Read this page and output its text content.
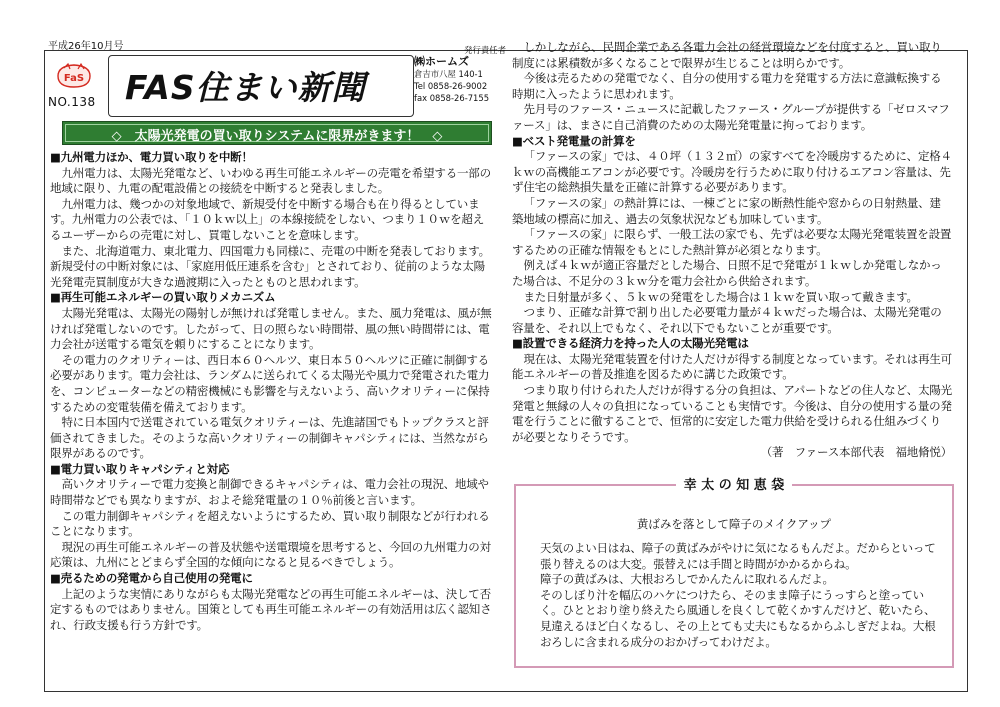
平成26年10月号
FaS
NO.138 FAS住まい新聞
発行責任者
㈱ホームズ
倉吉市八屋 140-1
Tel 0858-26-9002
fax 0858-26-7155
◇　太陽光発電の買い取りシステムに限界がきます！　◇
■九州電力ほか、電力買い取りを中断！

九州電力は、太陽光発電など、いわゆる再生可能エネルギーの売電を希望する一部の地域に限り、九電の配電設備との接続を中断すると発表しました。

九州電力は、幾つかの対象地域で、新規受付を中断する場合も在り得るとしています。九州電力の公表では、「１０ｋｗ以上」の本線接続をしない、つまり１０ｗを超えるユーザーからの売電に対し、買電しないことを意味します。

また、北海道電力、東北電力、四国電力も同様に、売電の中断を発表しております。新規受付の中断対象には、「家庭用低圧連系を含む」とされており、従前のような太陽光発電売買制度が大きな過渡期に入ったとものと思われます。

■再生可能エネルギーの買い取りメカニズム

太陽光発電は、太陽光の陽射しが無ければ発電しません。また、風力発電は、風が無ければ発電しないのです。したがって、日の照らない時間帯、風の無い時間帯には、電力会社が送電する電気を頼りにすることになります。

その電力のクオリティーは、西日本６０ヘルツ、東日本５０ヘルツに正確に制御する必要があります。電力会社は、ランダムに送られてくる太陽光や風力で発電された電力を、コンピューターなどの精密機械にも影響を与えないよう、高いクオリティーに保持するための変電装備を備えております。

特に日本国内で送電されている電気クオリティーは、先進諸国でもトップクラスと評価されてきました。そのような高いクオリティーの制御キャパシティには、当然ながら限界があるのです。

■電力買い取りキャパシティと対応

高いクオリティーで電力変換と制御できるキャパシティは、電力会社の現況、地域や時間帯などでも異なりますが、およそ総発電量の１０％前後と言います。

この電力制御キャパシティを超えないようにするため、買い取り制限などが行われることになります。

現況の再生可能エネルギーの普及状態や送電環境を思考すると、今回の九州電力の対応策は、九州にとどまらず全国的な傾向になると見るべきでしょう。

■売るための発電から自己使用の発電に

上記のような実情にありながらも太陽光発電などの再生可能エネルギーは、決して否定するものではありません。国策としても再生可能エネルギーの有効活用は広く認知され、行政支援も行う方針です。

しかしながら、民間企業である各電力会社の経営環境などを付度すると、買い取り制度には累積数が多くなることで限界が生じることは明らかです。

今後は売るための発電でなく、自分の使用する電力を発電する方法に意識転換する時期に入ったように思われます。

先月号のファース・ニュースに記載したファース・グループが提供する「ゼロスマファース」は、まさに自己消費のための太陽光発電量に拘っております。

■ベスト発電量の計算を

「ファースの家」では、４０坪（１３２㎡）の家すべてを冷暖房するために、定格４ｋｗの高機能エアコンが必要です。冷暖房を行うために取り付けるエアコン容量は、先ず住宅の総熱損失量を正確に計算する必要があります。

「ファースの家」の熱計算には、一棟ごとに家の断熱性能や窓からの日射熱量、建築地域の標高に加え、過去の気象状況なども加味しています。

「ファースの家」に限らず、一般工法の家でも、先ずは必要な太陽光発電装置を設置するための正確な情報をもとにした熱計算が必須となります。

例えば４ｋｗが適正容量だとした場合、日照不足で発電が１ｋｗしか発電しなかった場合は、不足分の３ｋｗ分を電力会社から供給されます。

また日射量が多く、５ｋｗの発電をした場合は１ｋｗを買い取って戴きます。

つまり、正確な計算で割り出した必要電力量が４ｋｗだった場合は、太陽光発電の容量を、それ以上でもなく、それ以下でもないことが重要です。

■設置できる経済力を持った人の太陽光発電は

現在は、太陽光発電装置を付けた人だけが得する制度となっています。それは再生可能エネルギーの普及推進を図るために講じた政策です。

つまり取り付けられた人だけが得する分の負担は、アパートなどの住人など、太陽光発電と無縁の人々の負担になっていることも実情です。今後は、自分の使用する量の発電を行うことに徹することで、恒常的に安定した電力供給を受けられる仕組みづくりが必要となりそうです。

（著　ファース本部代表　福地脩悦）

幸 太 の 知 恵 袋
黄ばみを落として障子のメイクアップ

天気のよい日はね、障子の黄ばみがやけに気になるもんだよ。だからといって張り替えるのは大変。張替えには手間と時間がかかるからね。

障子の黄ばみは、大根おろしでかんたんに取れるんだよ。

そのしぼり汁を幅広のハケにつけたら、そのまま障子にうっすらと塗っていく。ひととおり塗り終えたら風通しを良くして乾くかすんだけど、乾いたら、見違えるほど白くなるし、その上とても丈夫にもなるからふしぎだよね。大根おろしに含まれる成分のおかげってわけだよ。
